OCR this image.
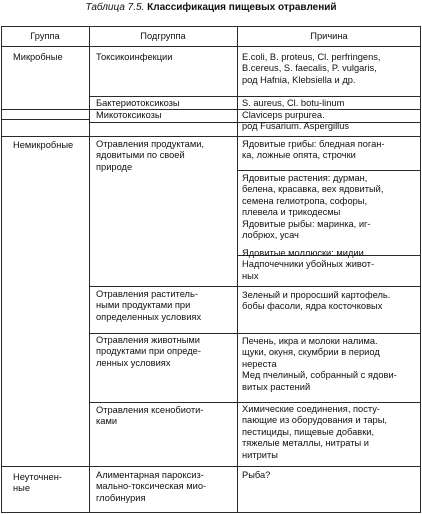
Таблица 7.5. Классификация пищевых отравлений
Группа	Подгруппа	Причина
Микробные
Немикробные
Неуточнен-
ные
Токсикоинфекции
Бактериотоксикозы
Микотоксикозы
Отравления продуктами,
ядовитыми по своей
природе
Отравления раститель-
ными продуктами при
определенных условиях
Отравления животными
продуктами при опреде-
ленных условиях
Отравления ксенобиоти-
ками
Алиментарная пароксиз-
мально-токсическая мио-
глобинурия
E.coli, B. proteus, Cl. perfringens,
B.cereus, S. faecalis, P. vulgaris,
род Hafnia, Klebsiella и др.
S. aureus, Cl. botu-linum
Claviceps purpurea.
род Fusarium. Aspergillus
Ядовитые грибы: бледная поган-
ка, ложные опята, строчки
Ядовитые растения: дурман,
белена, красавка, вех ядовитый,
семена гелиотропа, софоры,
плевела и трикодесмы
Ядовитые рыбы: маринка, иг-
лобрюх, усач
Ядовитые моллюски: мидии
Надпочечники убойных живот-
ных
Зеленый и проросший картофель.
бобы фасоли, ядра косточковых
Печень, икра и молоки налима.
щуки, окуня, скумбрии в период
нереста
Мед пчелиный, собранный с ядови-
витых растений
Химические соединения, посту-
пающие из оборудования и тары,
пестициды, пищевые добавки,
тяжелые металлы, нитраты и
нитриты
Рыба?
